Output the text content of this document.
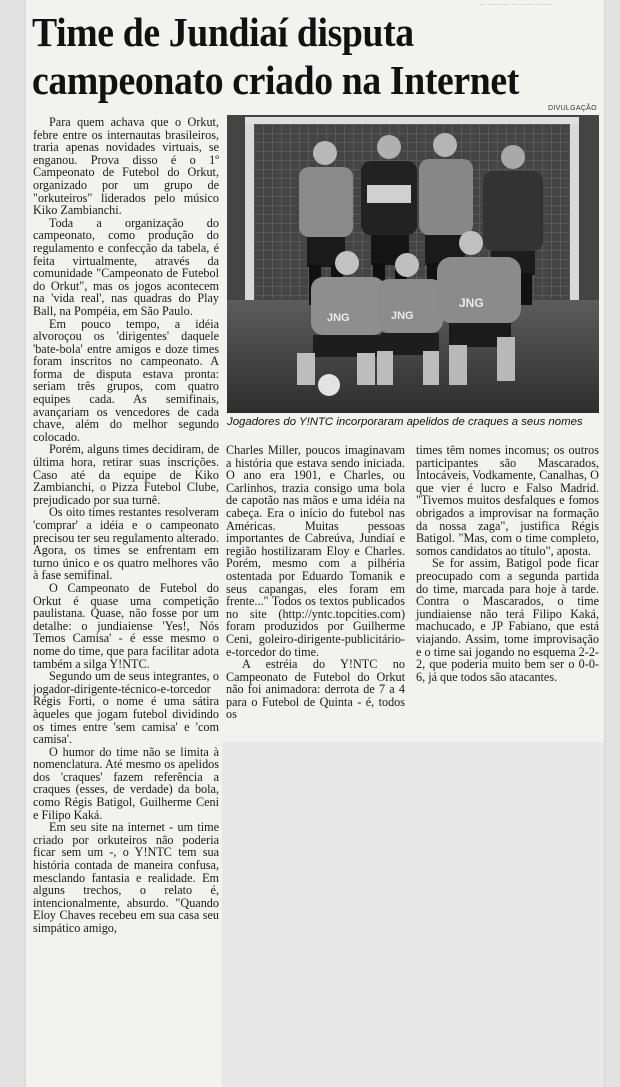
--- ---------- -- ------- --------
Time de Jundiaí disputa
campeonato criado na Internet
DIVULGAÇÃO

Para quem achava que o Orkut, febre entre os internautas brasileiros, traria apenas novidades virtuais, se enganou. Prova disso é o 1º Campeonato de Futebol do Orkut, organizado por um grupo de "orkuteiros" liderados pelo músico Kiko Zambianchi.

Toda a organização do campeonato, como produção do regulamento e confecção da tabela, é feita virtualmente, através da comunidade "Campeonato de Futebol do Orkut", mas os jogos acontecem na 'vida real', nas quadras do Play Ball, na Pompéia, em São Paulo.

Em pouco tempo, a idéia alvoroçou os 'dirigentes' daquele 'bate-bola' entre amigos e doze times foram inscritos no campeonato. A forma de disputa estava pronta: seriam três grupos, com quatro equipes cada. As semifinais, avançariam os vencedores de cada chave, além do melhor segundo colocado.

Porém, alguns times decidiram, de última hora, retirar suas inscrições. Caso até da equipe de Kiko Zambianchi, o Pizza Futebol Clube, prejudicado por sua turnê.

Os oito times restantes resolveram 'comprar' a idéia e o campeonato precisou ter seu regulamento alterado. Agora, os times se enfrentam em turno único e os quatro melhores vão à fase semifinal.

O Campeonato de Futebol do Orkut é quase uma competição paulistana. Quase, não fosse por um detalhe: o jundiaiense 'Yes!, Nós Temos Camisa' - é esse mesmo o nome do time, que para facilitar adota também a silga Y!NTC.

Segundo um de seus integrantes, o jogador-dirigente-técnico-e-torcedor Régis Forti, o nome é uma sátira àqueles que jogam futebol dividindo os times entre 'sem camisa' e 'com camisa'.

O humor do time não se limita à nomenclatura. Até mesmo os apelidos dos 'craques' fazem referência a craques (esses, de verdade) da bola, como Régis Batigol, Guilherme Ceni e Filipo Kaká.

Em seu site na internet - um time criado por orkuteiros não poderia ficar sem um -, o Y!NTC tem sua história contada de maneira confusa, mesclando fantasia e realidade. Em alguns trechos, o relato é, intencionalmente, absurdo. "Quando Eloy Chaves recebeu em sua casa seu simpático amigo,

JNG	JNG
JNG
Jogadores do Y!NTC incorporaram apelidos de craques a seus nomes

Charles Miller, poucos imaginavam a história que estava sendo iniciada. O ano era 1901, e Charles, ou Carlinhos, trazia consigo uma bola de capotão nas mãos e uma idéia na cabeça. Era o início do futebol nas Américas. Muitas pessoas importantes de Cabreúva, Jundiaí e região hostilizaram Eloy e Charles. Porém, mesmo com a pilhéria ostentada por Eduardo Tomanik e seus capangas, eles foram em frente..." Todos os textos publicados no site (http://yntc.topcities.com) foram produzidos por Guilherme Ceni, goleiro-dirigente-publicitário-e-torcedor do time.

A estréia do Y!NTC no Campeonato de Futebol do Orkut não foi animadora: derrota de 7 a 4 para o Futebol de Quinta - é, todos os

times têm nomes incomus; os outros participantes são Mascarados, Intocáveis, Vodkamente, Canalhas, O que vier é lucro e Falso Madrid. "Tivemos muitos desfalques e fomos obrigados a improvisar na formação da nossa zaga", justifica Régis Batigol. "Mas, com o time completo, somos candidatos ao título", aposta.

Se for assim, Batigol pode ficar preocupado com a segunda partida do time, marcada para hoje à tarde. Contra o Mascarados, o time jundiaiense não terá Filipo Kaká, machucado, e JP Fabiano, que está viajando. Assim, tome improvisação e o time sai jogando no esquema 2-2-2, que poderia muito bem ser o 0-0-6, já que todos são atacantes.
